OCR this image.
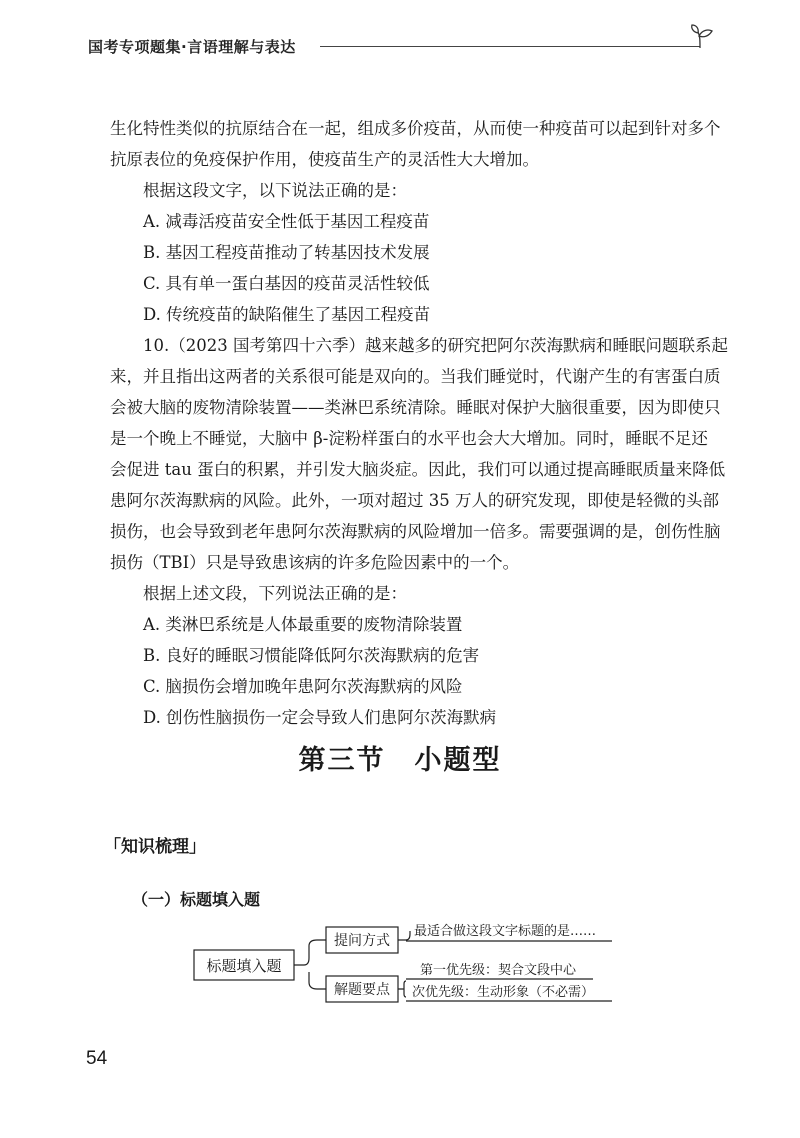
国考专项题集·言语理解与表达
生化特性类似的抗原结合在一起，组成多价疫苗，从而使一种疫苗可以起到针对多个
抗原表位的免疫保护作用，使疫苗生产的灵活性大大增加。
根据这段文字，以下说法正确的是：
A. 减毒活疫苗安全性低于基因工程疫苗
B. 基因工程疫苗推动了转基因技术发展
C. 具有单一蛋白基因的疫苗灵活性较低
D. 传统疫苗的缺陷催生了基因工程疫苗
10.（2023 国考第四十六季）越来越多的研究把阿尔茨海默病和睡眠问题联系起
来，并且指出这两者的关系很可能是双向的。当我们睡觉时，代谢产生的有害蛋白质
会被大脑的废物清除装置——类淋巴系统清除。睡眠对保护大脑很重要，因为即使只
是一个晚上不睡觉，大脑中 β-淀粉样蛋白的水平也会大大增加。同时，睡眠不足还
会促进 tau 蛋白的积累，并引发大脑炎症。因此，我们可以通过提高睡眠质量来降低
患阿尔茨海默病的风险。此外，一项对超过 35 万人的研究发现，即使是轻微的头部
损伤，也会导致到老年患阿尔茨海默病的风险增加一倍多。需要强调的是，创伤性脑
损伤（TBI）只是导致患该病的许多危险因素中的一个。
根据上述文段，下列说法正确的是：
A. 类淋巴系统是人体最重要的废物清除装置
B. 良好的睡眠习惯能降低阿尔茨海默病的危害
C. 脑损伤会增加晚年患阿尔茨海默病的风险
D. 创伤性脑损伤一定会导致人们患阿尔茨海默病
第三节　小题型
「知识梳理」
（一）标题填入题
标题填入题
提问方式
解题要点
最适合做这段文字标题的是……
第一优先级：契合文段中心
次优先级：生动形象（不必需）
54
